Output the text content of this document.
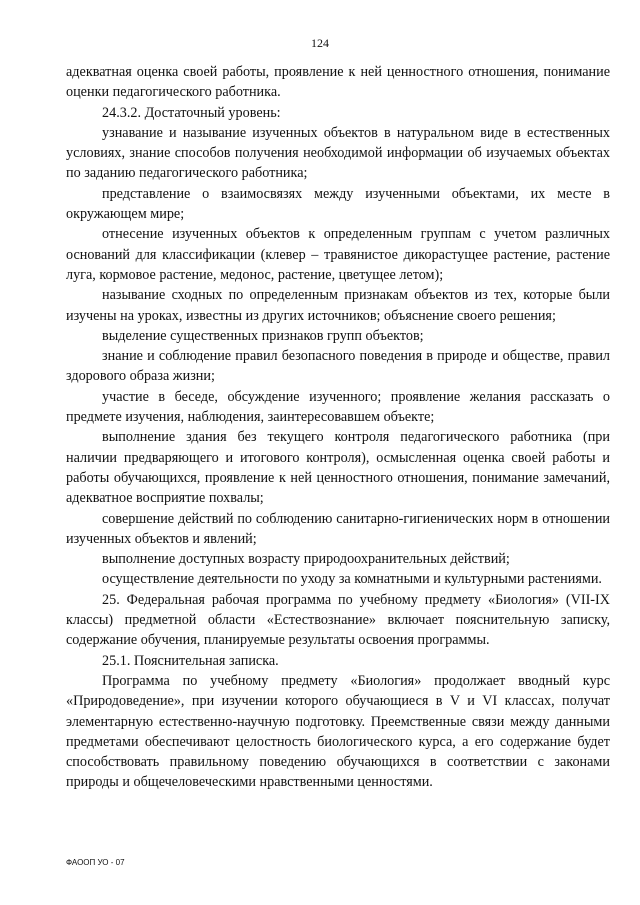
124

адекватная оценка своей работы, проявление к ней ценностного отношения, понимание оценки педагогического работника.

24.3.2. Достаточный уровень:

узнавание и называние изученных объектов в натуральном виде в естественных условиях, знание способов получения необходимой информации об изучаемых объектах по заданию педагогического работника;

представление о взаимосвязях между изученными объектами, их месте в окружающем мире;

отнесение изученных объектов к определенным группам с учетом различных оснований для классификации (клевер – травянистое дикорастущее растение, растение луга, кормовое растение, медонос, растение, цветущее летом);

называние сходных по определенным признакам объектов из тех, которые были изучены на уроках, известны из других источников; объяснение своего решения;

выделение существенных признаков групп объектов;

знание и соблюдение правил безопасного поведения в природе и обществе, правил здорового образа жизни;

участие в беседе, обсуждение изученного; проявление желания рассказать о предмете изучения, наблюдения, заинтересовавшем объекте;

выполнение здания без текущего контроля педагогического работника (при наличии предваряющего и итогового контроля), осмысленная оценка своей работы и работы обучающихся, проявление к ней ценностного отношения, понимание замечаний, адекватное восприятие похвалы;

совершение действий по соблюдению санитарно-гигиенических норм в отношении изученных объектов и явлений;

выполнение доступных возрасту природоохранительных действий;

осуществление деятельности по уходу за комнатными и культурными растениями.

25. Федеральная рабочая программа по учебному предмету «Биология» (VII-IX классы) предметной области «Естествознание» включает пояснительную записку, содержание обучения, планируемые результаты освоения программы.

25.1. Пояснительная записка.

Программа по учебному предмету «Биология» продолжает вводный курс «Природоведение», при изучении которого обучающиеся в V и VI классах, получат элементарную естественно-научную подготовку. Преемственные связи между данными предметами обеспечивают целостность биологического курса, а его содержание будет способствовать правильному поведению обучающихся в соответствии с законами природы и общечеловеческими нравственными ценностями.

ФАООП УО - 07
